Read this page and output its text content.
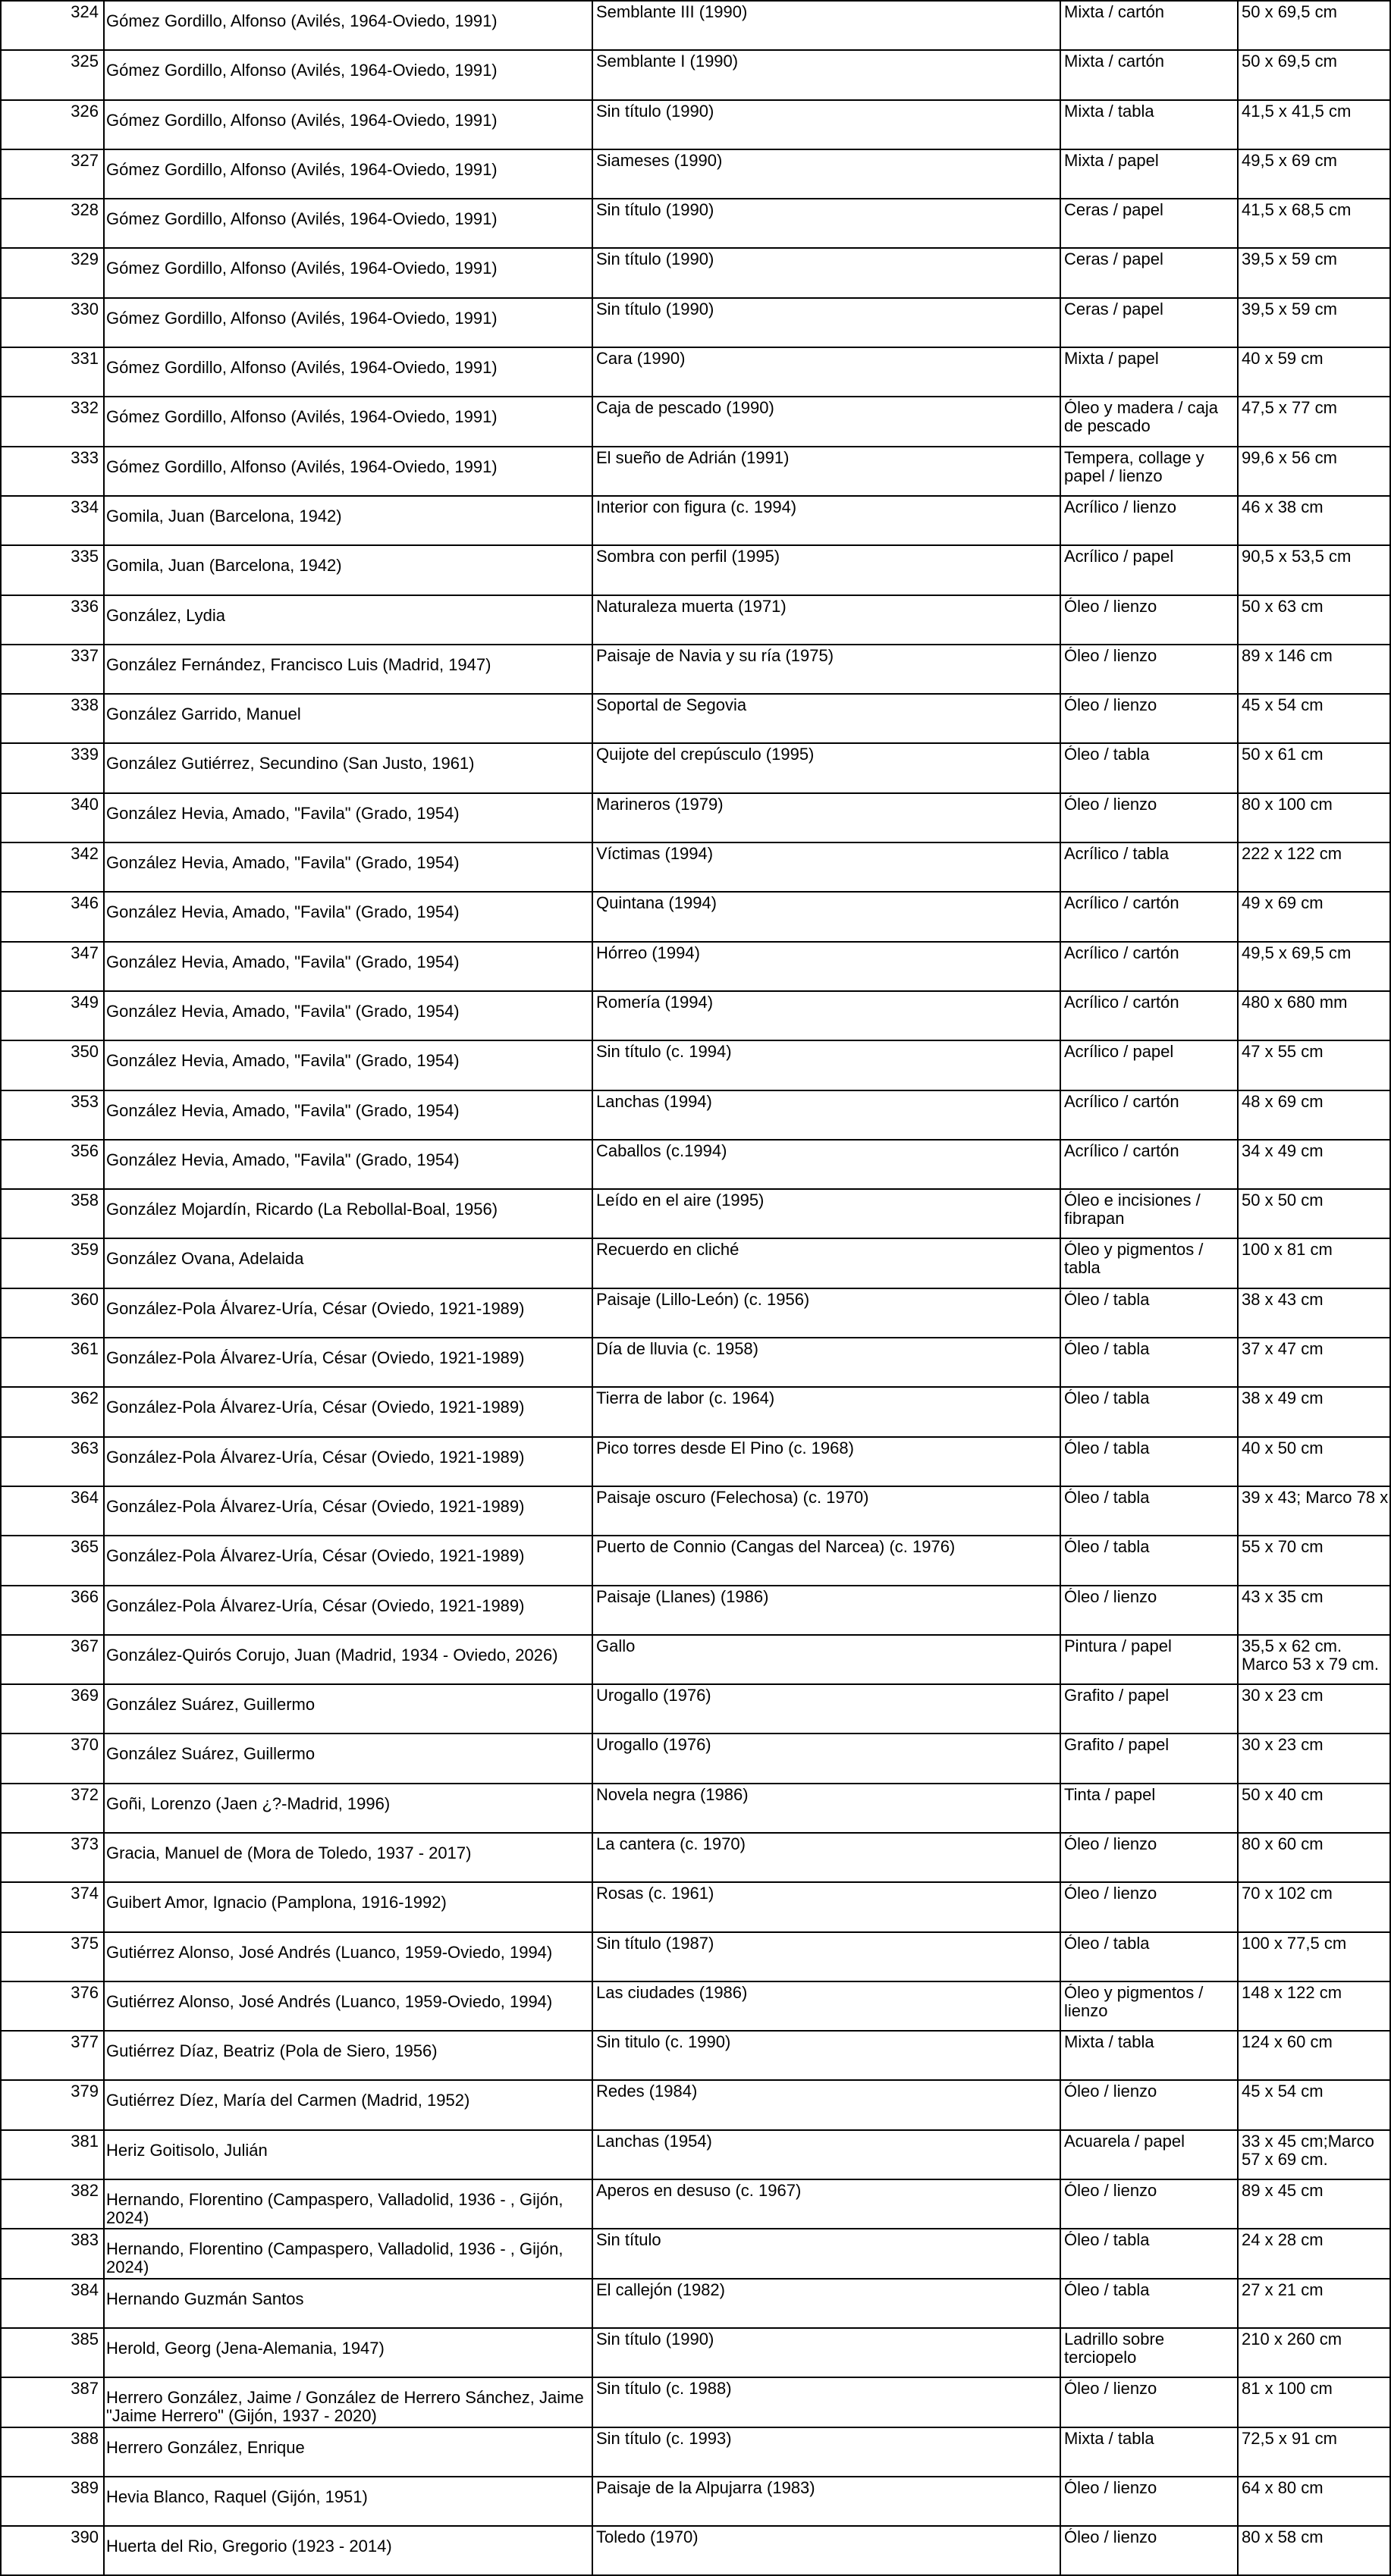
324	Gómez Gordillo, Alfonso (Avilés, 1964-Oviedo, 1991)	Semblante III (1990)	Mixta / cartón	50 x 69,5 cm

325	Gómez Gordillo, Alfonso (Avilés, 1964-Oviedo, 1991)	Semblante I (1990)	Mixta / cartón	50 x 69,5 cm

326	Gómez Gordillo, Alfonso (Avilés, 1964-Oviedo, 1991)	Sin título (1990)	Mixta / tabla	41,5 x 41,5 cm

327	Gómez Gordillo, Alfonso (Avilés, 1964-Oviedo, 1991)	Siameses (1990)	Mixta / papel	49,5 x 69 cm

328	Gómez Gordillo, Alfonso (Avilés, 1964-Oviedo, 1991)	Sin título (1990)	Ceras / papel	41,5 x 68,5 cm

329	Gómez Gordillo, Alfonso (Avilés, 1964-Oviedo, 1991)	Sin título (1990)	Ceras / papel	39,5 x 59 cm

330	Gómez Gordillo, Alfonso (Avilés, 1964-Oviedo, 1991)	Sin título (1990)	Ceras / papel	39,5 x 59 cm

331	Gómez Gordillo, Alfonso (Avilés, 1964-Oviedo, 1991)	Cara (1990)	Mixta / papel	40 x 59 cm

332	Gómez Gordillo, Alfonso (Avilés, 1964-Oviedo, 1991)	Caja de pescado (1990)	Óleo y madera / caja de pescado	47,5 x 77 cm

333	Gómez Gordillo, Alfonso (Avilés, 1964-Oviedo, 1991)	El sueño de Adrián (1991)	Tempera, collage y papel / lienzo	99,6 x 56 cm

334	Gomila, Juan (Barcelona, 1942)	Interior con figura (c. 1994)	Acrílico / lienzo	46 x 38 cm

335	Gomila, Juan (Barcelona, 1942)	Sombra con perfil (1995)	Acrílico / papel	90,5 x 53,5 cm

336	González, Lydia	Naturaleza muerta (1971)	Óleo / lienzo	50 x 63 cm

337	González Fernández, Francisco Luis (Madrid, 1947)	Paisaje de Navia y su ría (1975)	Óleo / lienzo	89 x 146 cm

338	González Garrido, Manuel	Soportal de Segovia	Óleo / lienzo	45 x 54 cm

339	González Gutiérrez, Secundino (San Justo, 1961)	Quijote del crepúsculo (1995)	Óleo / tabla	50 x 61 cm

340	González Hevia, Amado, "Favila" (Grado, 1954)	Marineros (1979)	Óleo / lienzo	80 x 100 cm

342	González Hevia, Amado, "Favila" (Grado, 1954)	Víctimas (1994)	Acrílico / tabla	222 x 122 cm

346	González Hevia, Amado, "Favila" (Grado, 1954)	Quintana (1994)	Acrílico / cartón	49 x 69 cm

347	González Hevia, Amado, "Favila" (Grado, 1954)	Hórreo (1994)	Acrílico / cartón	49,5 x 69,5 cm

349	González Hevia, Amado, "Favila" (Grado, 1954)	Romería (1994)	Acrílico / cartón	480 x 680 mm

350	González Hevia, Amado, "Favila" (Grado, 1954)	Sin título (c. 1994)	Acrílico / papel	47 x 55 cm

353	González Hevia, Amado, "Favila" (Grado, 1954)	Lanchas (1994)	Acrílico / cartón	48 x 69 cm

356	González Hevia, Amado, "Favila" (Grado, 1954)	Caballos (c.1994)	Acrílico / cartón	34 x 49 cm

358	González Mojardín, Ricardo (La Rebollal-Boal, 1956)	Leído en el aire (1995)	Óleo e incisiones / fibrapan	50 x 50 cm

359	González Ovana, Adelaida	Recuerdo en cliché	Óleo y pigmentos / tabla	100 x 81 cm

360	González-Pola Álvarez-Uría, César (Oviedo, 1921-1989)	Paisaje (Lillo-León) (c. 1956)	Óleo / tabla	38 x 43 cm

361	González-Pola Álvarez-Uría, César (Oviedo, 1921-1989)	Día de lluvia (c. 1958)	Óleo / tabla	37 x 47 cm

362	González-Pola Álvarez-Uría, César (Oviedo, 1921-1989)	Tierra de labor (c. 1964)	Óleo / tabla	38 x 49 cm

363	González-Pola Álvarez-Uría, César (Oviedo, 1921-1989)	Pico torres desde El Pino (c. 1968)	Óleo / tabla	40 x 50 cm

364	González-Pola Álvarez-Uría, César (Oviedo, 1921-1989)	Paisaje oscuro (Felechosa) (c. 1970)	Óleo / tabla	39 x 43; Marco 78 x

365	González-Pola Álvarez-Uría, César (Oviedo, 1921-1989)	Puerto de Connio (Cangas del Narcea) (c. 1976)	Óleo / tabla	55 x 70 cm

366	González-Pola Álvarez-Uría, César (Oviedo, 1921-1989)	Paisaje (Llanes) (1986)	Óleo / lienzo	43 x 35 cm

367	González-Quirós Corujo, Juan (Madrid, 1934 - Oviedo, 2026)	Gallo	Pintura / papel	35,5 x 62 cm. Marco 53 x 79 cm.

369	González Suárez, Guillermo	Urogallo (1976)	Grafito / papel	30 x 23 cm

370	González Suárez, Guillermo	Urogallo (1976)	Grafito / papel	30 x 23 cm

372	Goñi, Lorenzo (Jaen ¿?-Madrid, 1996)	Novela negra (1986)	Tinta / papel	50 x 40 cm

373	Gracia, Manuel de (Mora de Toledo, 1937 - 2017)	La cantera (c. 1970)	Óleo / lienzo	80 x 60 cm

374	Guibert Amor, Ignacio (Pamplona, 1916-1992)	Rosas (c. 1961)	Óleo / lienzo	70 x 102 cm

375	Gutiérrez Alonso, José Andrés (Luanco, 1959-Oviedo, 1994)	Sin título (1987)	Óleo / tabla	100 x 77,5 cm

376	Gutiérrez Alonso, José Andrés (Luanco, 1959-Oviedo, 1994)	Las ciudades (1986)	Óleo y pigmentos / lienzo	148 x 122 cm

377	Gutiérrez Díaz, Beatriz (Pola de Siero, 1956)	Sin titulo (c. 1990)	Mixta / tabla	124 x 60 cm

379	Gutiérrez Díez, María del Carmen (Madrid, 1952)	Redes (1984)	Óleo / lienzo	45 x 54 cm

381	Heriz Goitisolo, Julián	Lanchas (1954)	Acuarela / papel	33 x 45 cm;Marco 57 x 69 cm.

382	Hernando, Florentino (Campaspero, Valladolid, 1936 - , Gijón, 2024)	Aperos en desuso (c. 1967)	Óleo / lienzo	89 x 45 cm

383	Hernando, Florentino (Campaspero, Valladolid, 1936 - , Gijón, 2024)	Sin título	Óleo / tabla	24 x 28 cm

384	Hernando Guzmán Santos	El callejón (1982)	Óleo / tabla	27 x 21 cm

385	Herold, Georg (Jena-Alemania, 1947)	Sin título (1990)	Ladrillo sobre terciopelo	210 x 260 cm

387	Herrero González, Jaime / González de Herrero Sánchez, Jaime "Jaime Herrero" (Gijón, 1937 - 2020)	Sin título (c. 1988)	Óleo / lienzo	81 x 100 cm

388	Herrero González, Enrique	Sin título (c. 1993)	Mixta / tabla	72,5 x 91 cm

389	Hevia Blanco, Raquel (Gijón, 1951)	Paisaje de la Alpujarra (1983)	Óleo / lienzo	64 x 80 cm

390	Huerta del Rio, Gregorio (1923 - 2014)	Toledo (1970)	Óleo / lienzo	80 x 58 cm
